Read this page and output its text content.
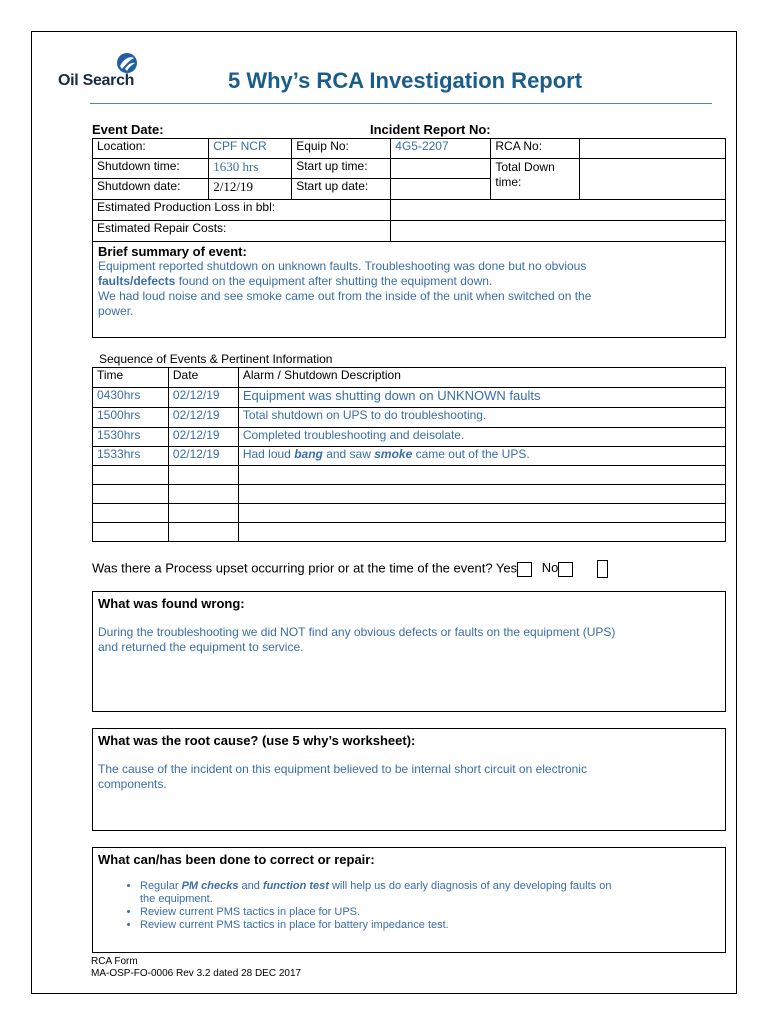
Oil Search	5 Why’s RCA Investigation Report
Event Date:	Incident Report No:
Location:	CPF NCR	Equip No:	4G5-2207	RCA No:	
Shutdown time:	1630 hrs	Start up time:		Total Down
time:	
Shutdown date:	2/12/19	Start up date:			
Estimated Production Loss in bbl:					
Estimated Repair Costs:					
Brief summary of event:
Equipment reported shutdown on unknown faults. Troubleshooting was done but no obvious
faults/defects found on the equipment after shutting the equipment down.
We had loud noise and see smoke came out from the inside of the unit when switched on the
power.
Sequence of Events & Pertinent Information
Time	Date	Alarm / Shutdown Description
0430hrs	02/12/19	Equipment was shutting down on UNKNOWN faults
1500hrs	02/12/19	Total shutdown on UPS to do troubleshooting.
1530hrs	02/12/19	Completed troubleshooting and deisolate.
1533hrs	02/12/19	Had loud bang and saw smoke came out of the UPS.

Was there a Process upset occurring prior or at the time of the event? Yes No
What was found wrong:
During the troubleshooting we did NOT find any obvious defects or faults on the equipment (UPS)
and returned the equipment to service.
What was the root cause? (use 5 why’s worksheet):
The cause of the incident on this equipment believed to be internal short circuit on electronic
components.
What can/has been done to correct or repair:
• Regular PM checks and function test will help us do early diagnosis of any developing faults on
the equipment.
• Review current PMS tactics in place for UPS.
• Review current PMS tactics in place for battery impedance test.
RCA Form
MA-OSP-FO-0006 Rev 3.2 dated 28 DEC 2017
